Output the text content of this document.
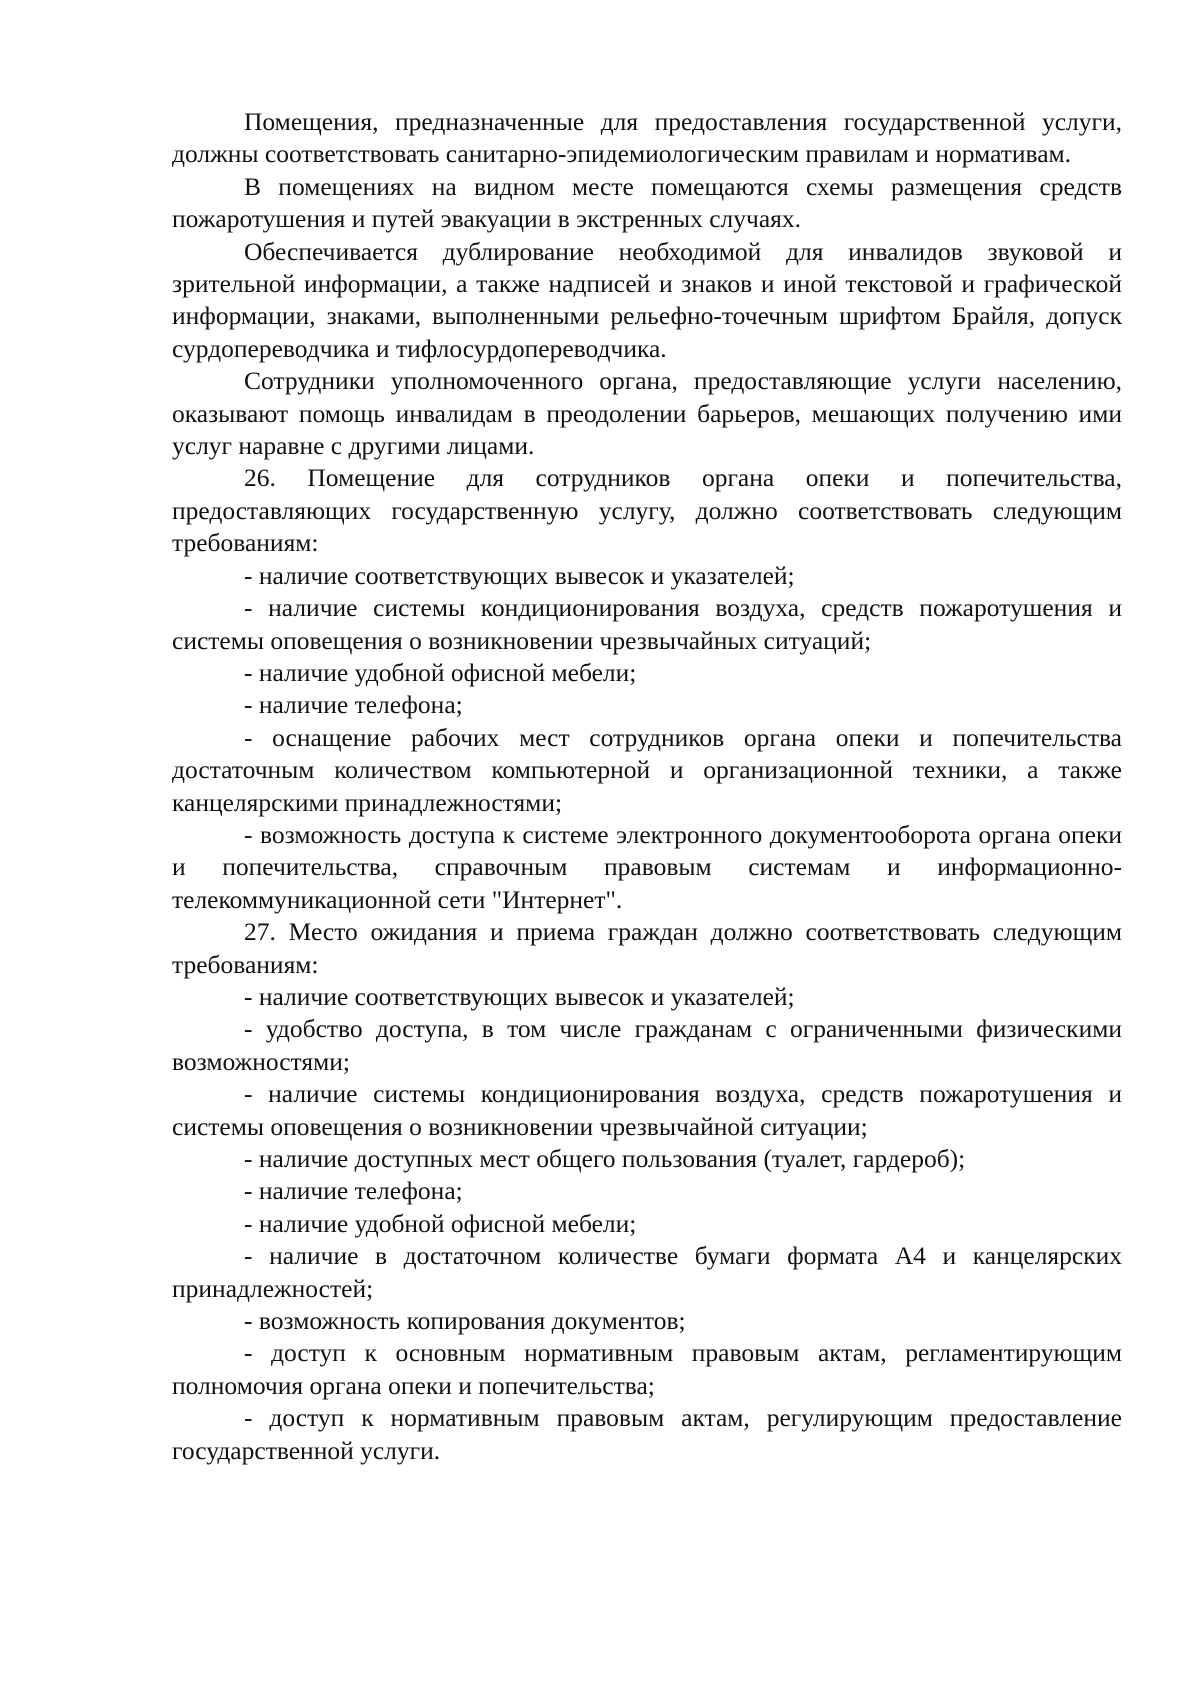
Помещения, предназначенные для предоставления государственной услуги, должны соответствовать санитарно-эпидемиологическим правилам и нормативам.

В помещениях на видном месте помещаются схемы размещения средств пожаротушения и путей эвакуации в экстренных случаях.

Обеспечивается дублирование необходимой для инвалидов звуковой и зрительной информации, а также надписей и знаков и иной текстовой и графической информации, знаками, выполненными рельефно-точечным шрифтом Брайля, допуск сурдопереводчика и тифлосурдопереводчика.

Сотрудники уполномоченного органа, предоставляющие услуги населению, оказывают помощь инвалидам в преодолении барьеров, мешающих получению ими услуг наравне с другими лицами.

26. Помещение для сотрудников органа опеки и попечительства, предоставляющих государственную услугу, должно соответствовать следующим требованиям:

- наличие соответствующих вывесок и указателей;

- наличие системы кондиционирования воздуха, средств пожаротушения и системы оповещения о возникновении чрезвычайных ситуаций;

- наличие удобной офисной мебели;

- наличие телефона;

- оснащение рабочих мест сотрудников органа опеки и попечительства достаточным количеством компьютерной и организационной техники, а также канцелярскими принадлежностями;

- возможность доступа к системе электронного документооборота органа опеки и попечительства, справочным правовым системам и информационно-телекоммуникационной сети "Интернет".

27. Место ожидания и приема граждан должно соответствовать следующим требованиям:

- наличие соответствующих вывесок и указателей;

- удобство доступа, в том числе гражданам с ограниченными физическими возможностями;

- наличие системы кондиционирования воздуха, средств пожаротушения и системы оповещения о возникновении чрезвычайной ситуации;

- наличие доступных мест общего пользования (туалет, гардероб);

- наличие телефона;

- наличие удобной офисной мебели;

- наличие в достаточном количестве бумаги формата А4 и канцелярских принадлежностей;

- возможность копирования документов;

- доступ к основным нормативным правовым актам, регламентирующим полномочия органа опеки и попечительства;

- доступ к нормативным правовым актам, регулирующим предоставление государственной услуги.
